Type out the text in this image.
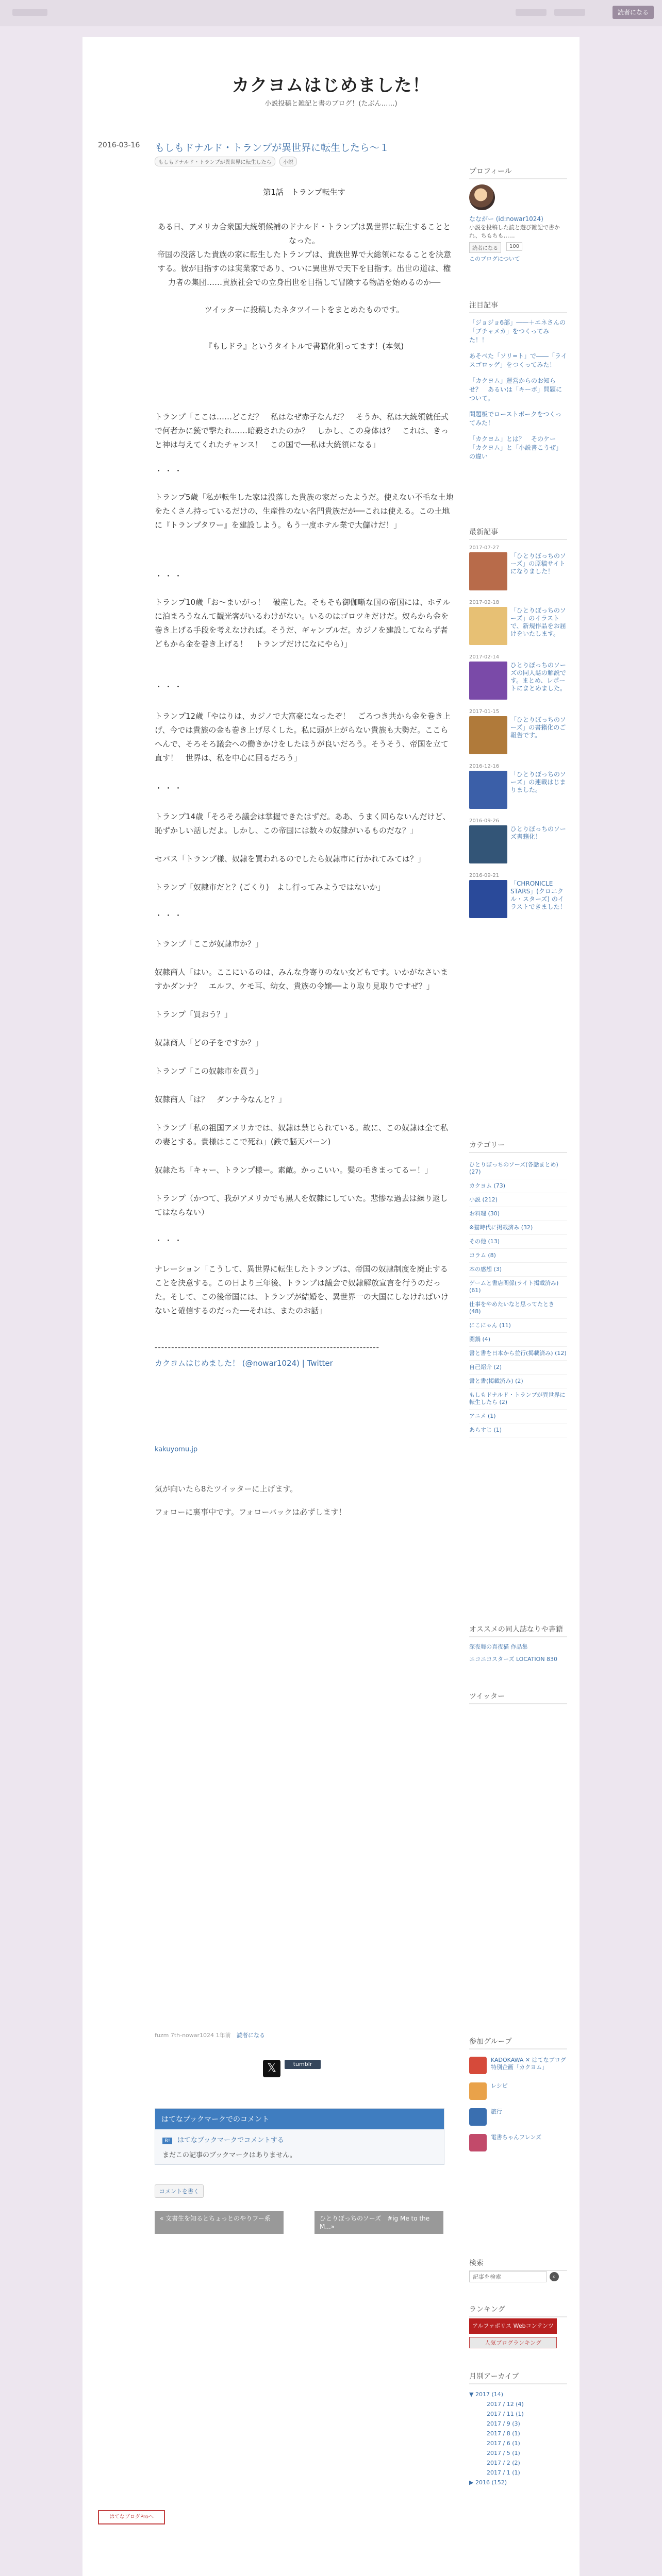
読者になる
カクヨムはじめました！
小説投稿と雑記と書のブログ！(たぶん……)
2016-03-16 もしもドナルド・トランプが異世界に転生したら〜１
もしもドナルド・トランプが異世界に転生したら 小説

第1話　トランプ転生す

ある日、アメリカ合衆国大統領候補のドナルド・トランプは異世界に転生することとなった。

帝国の没落した貴族の家に転生したトランプは、貴族世界で大総領になることを決意する。彼が目指すのは実業家であり、ついに異世界で天下を目指す。出世の道は、権力者の集団……貴族社会での立身出世を目指して冒険する物語を始めるのか──

ツイッターに投稿したネタツイートをまとめたものです。

『もしドラ』というタイトルで書籍化狙ってます！(本気)

トランプ「ここは……どこだ？　私はなぜ赤子なんだ？　そうか、私は大統領就任式で何者かに銃で撃たれ……暗殺されたのか？　しかし、この身体は？　これは、きっと神は与えてくれたチャンス！　この国で──私は大統領になる」

・・・

トランプ5歳「私が転生した家は没落した貴族の家だったようだ。使えない不毛な土地をたくさん持っているだけの、生産性のない名門貴族だが──これは使える。この土地に『トランプタワー』を建設しよう。もう一度ホテル業で大儲けだ！」

・・・

トランプ10歳「お〜まいがっ！　破産した。そもそも御伽噺な国の帝国には、ホテルに泊まろうなんて観光客がいるわけがない。いるのはゴロツキだけだ。奴らから金を巻き上げる手段を考えなければ。そうだ、ギャンブルだ。カジノを建設してならず者どもから金を巻き上げる！　トランプだけになにやら）」

・・・

トランプ12歳「やはりは、カジノで大富豪になったぞ！　ごろつき共から金を巻き上げ、今では貴族の金も巻き上げ尽くした。私に頭が上がらない貴族も大勢だ。ここらへんで、そろそろ議会への働きかけをしたほうが良いだろう。そうそう、帝国を立て直す！　世界は、私を中心に回るだろう」

・・・

トランプ14歳「そろそろ議会は掌握できたはずだ。ああ、うまく回らないんだけど、恥ずかしい話しだよ。しかし、この帝国には数々の奴隷がいるものだな？」

セバス「トランプ様、奴隷を買われるのでしたら奴隷市に行かれてみては？」

トランプ「奴隷市だと？(ごくり)　よし行ってみようではないか」

・・・

トランプ「ここが奴隷市か？」

奴隷商人「はい。ここにいるのは、みんな身寄りのない女どもです。いかがなさいますかダンナ？　エルフ、ケモ耳、幼女、貴族の令嬢──より取り見取りですぜ？」

トランプ「買おう？」

奴隷商人「どの子をですか？」

トランプ「この奴隷市を買う」

奴隷商人「は？　ダンナ今なんと？」

トランプ「私の祖国アメリカでは、奴隷は禁じられている。故に、この奴隷は全て私の妻とする。貴様はここで死ね」(鉄で脳天パーン)

奴隷たち「キャー、トランプ様ー。素敵。かっこいい。髪の毛きまってるー！」

トランプ（かつて、我がアメリカでも黒人を奴隷にしていた。悲惨な過去は繰り返してはならない）

・・・

ナレーション「こうして、異世界に転生したトランプは、帝国の奴隷制度を廃止することを決意する。この日より三年後、トランプは議会で奴隷解放宣言を行うのだった。そして、この後帝国には、トランプが結婚を、異世界一の大国にしなければいけないと確信するのだった──それは、またのお話」

--------------------------------------------------------------------

カクヨムはじめました！ (@nowar1024) | Twitter

kakuyomu.jp

気が向いたら8たツイッターに上げます。

フォローに裏事中です。フォローバックは必ずします！

fuzm 7th-nowar1024 1年前 読者になる
𝕏	tumblr
はてなブックマークでのコメント
B! はてなブックマークでコメントする
まだこの記事のブックマークはありません。
コメントを書く
« 文書生を知るとちょっとのやりフー系	ひとりぼっちのソーズ　#ig Me to the M...»
はてなブログProへ
プロフィール
なながー (id:nowar1024)
小説を投稿した読と遊び雑記で書かれ、ちもちも……
読者になる	100
このブログについて
注目記事
「ジョジョ6部」――＋エネさんの「ブチャメカ」をつくってみた！！
あそべた「ソリ=ト」で――「ライスゴロッゲ」をつくってみた！
「カクヨム」運営からのお知らせ？　あるいは「キーボ」問題について。
問題板でローストポークをつくってみた！
「カクヨム」とは？　そのケー「カクヨム」と「小説書こうぜ」の違い
最新記事
2017-07-27
「ひとりぼっちのソーズ」の原稿サイトになりました！
2017-02-18
「ひとりぼっちのソーズ」のイラストで、新規作品をお届けをいたします。
2017-02-14
ひとりぼっちのソーズの同人誌の解説です。まとめ、レポートにまとめました。
2017-01-15
「ひとりぼっちのソーズ」の書籍化のご報告です。
2016-12-16
「ひとりぼっちのソーズ」の連載はじまりました。
2016-09-26
ひとりぼっちのソーズ書籍化！
2016-09-21
「CHRONICLE STARS」(クロニクル・スターズ) のイラストできました！
カテゴリー
ひとりぼっちのソーズ(各話まとめ) (27)
カクヨム (73)
小説 (212)
お料理 (30)
※猫時代に掲載済み (32)
その他 (13)
コラム (8)
本の感想 (3)
ゲームと書店関係(ライト掲載済み) (61)
仕事をやめたいなと思ってたとき (48)
にこにゃん (11)
闘鍋 (4)
書と書を日本から並行(掲載済み) (12)
自己紹介 (2)
書と書(掲載済み) (2)
もしもドナルド・トランプが異世界に転生したら (2)
アニメ (1)
あらすじ (1)
オススメの同人誌なりや書籍
深夜舞の真夜猫 作品集
ニコニコスターズ LOCATION 830
ツイッター
参加グループ
KADOKAWA ✕ はてなブログ特別企画「カクヨム」
レシピ
旅行
電書ちゃんフレンズ
検索
記事を検索
⌕
ランキング
アルファポリス Webコンテンツ
人気ブログランキング
月別アーカイブ
▼ 2017 (14)
2017 / 12 (4)
2017 / 11 (1)
2017 / 9 (3)
2017 / 8 (1)
2017 / 6 (1)
2017 / 5 (1)
2017 / 2 (2)
2017 / 1 (1)
▶ 2016 (152)
